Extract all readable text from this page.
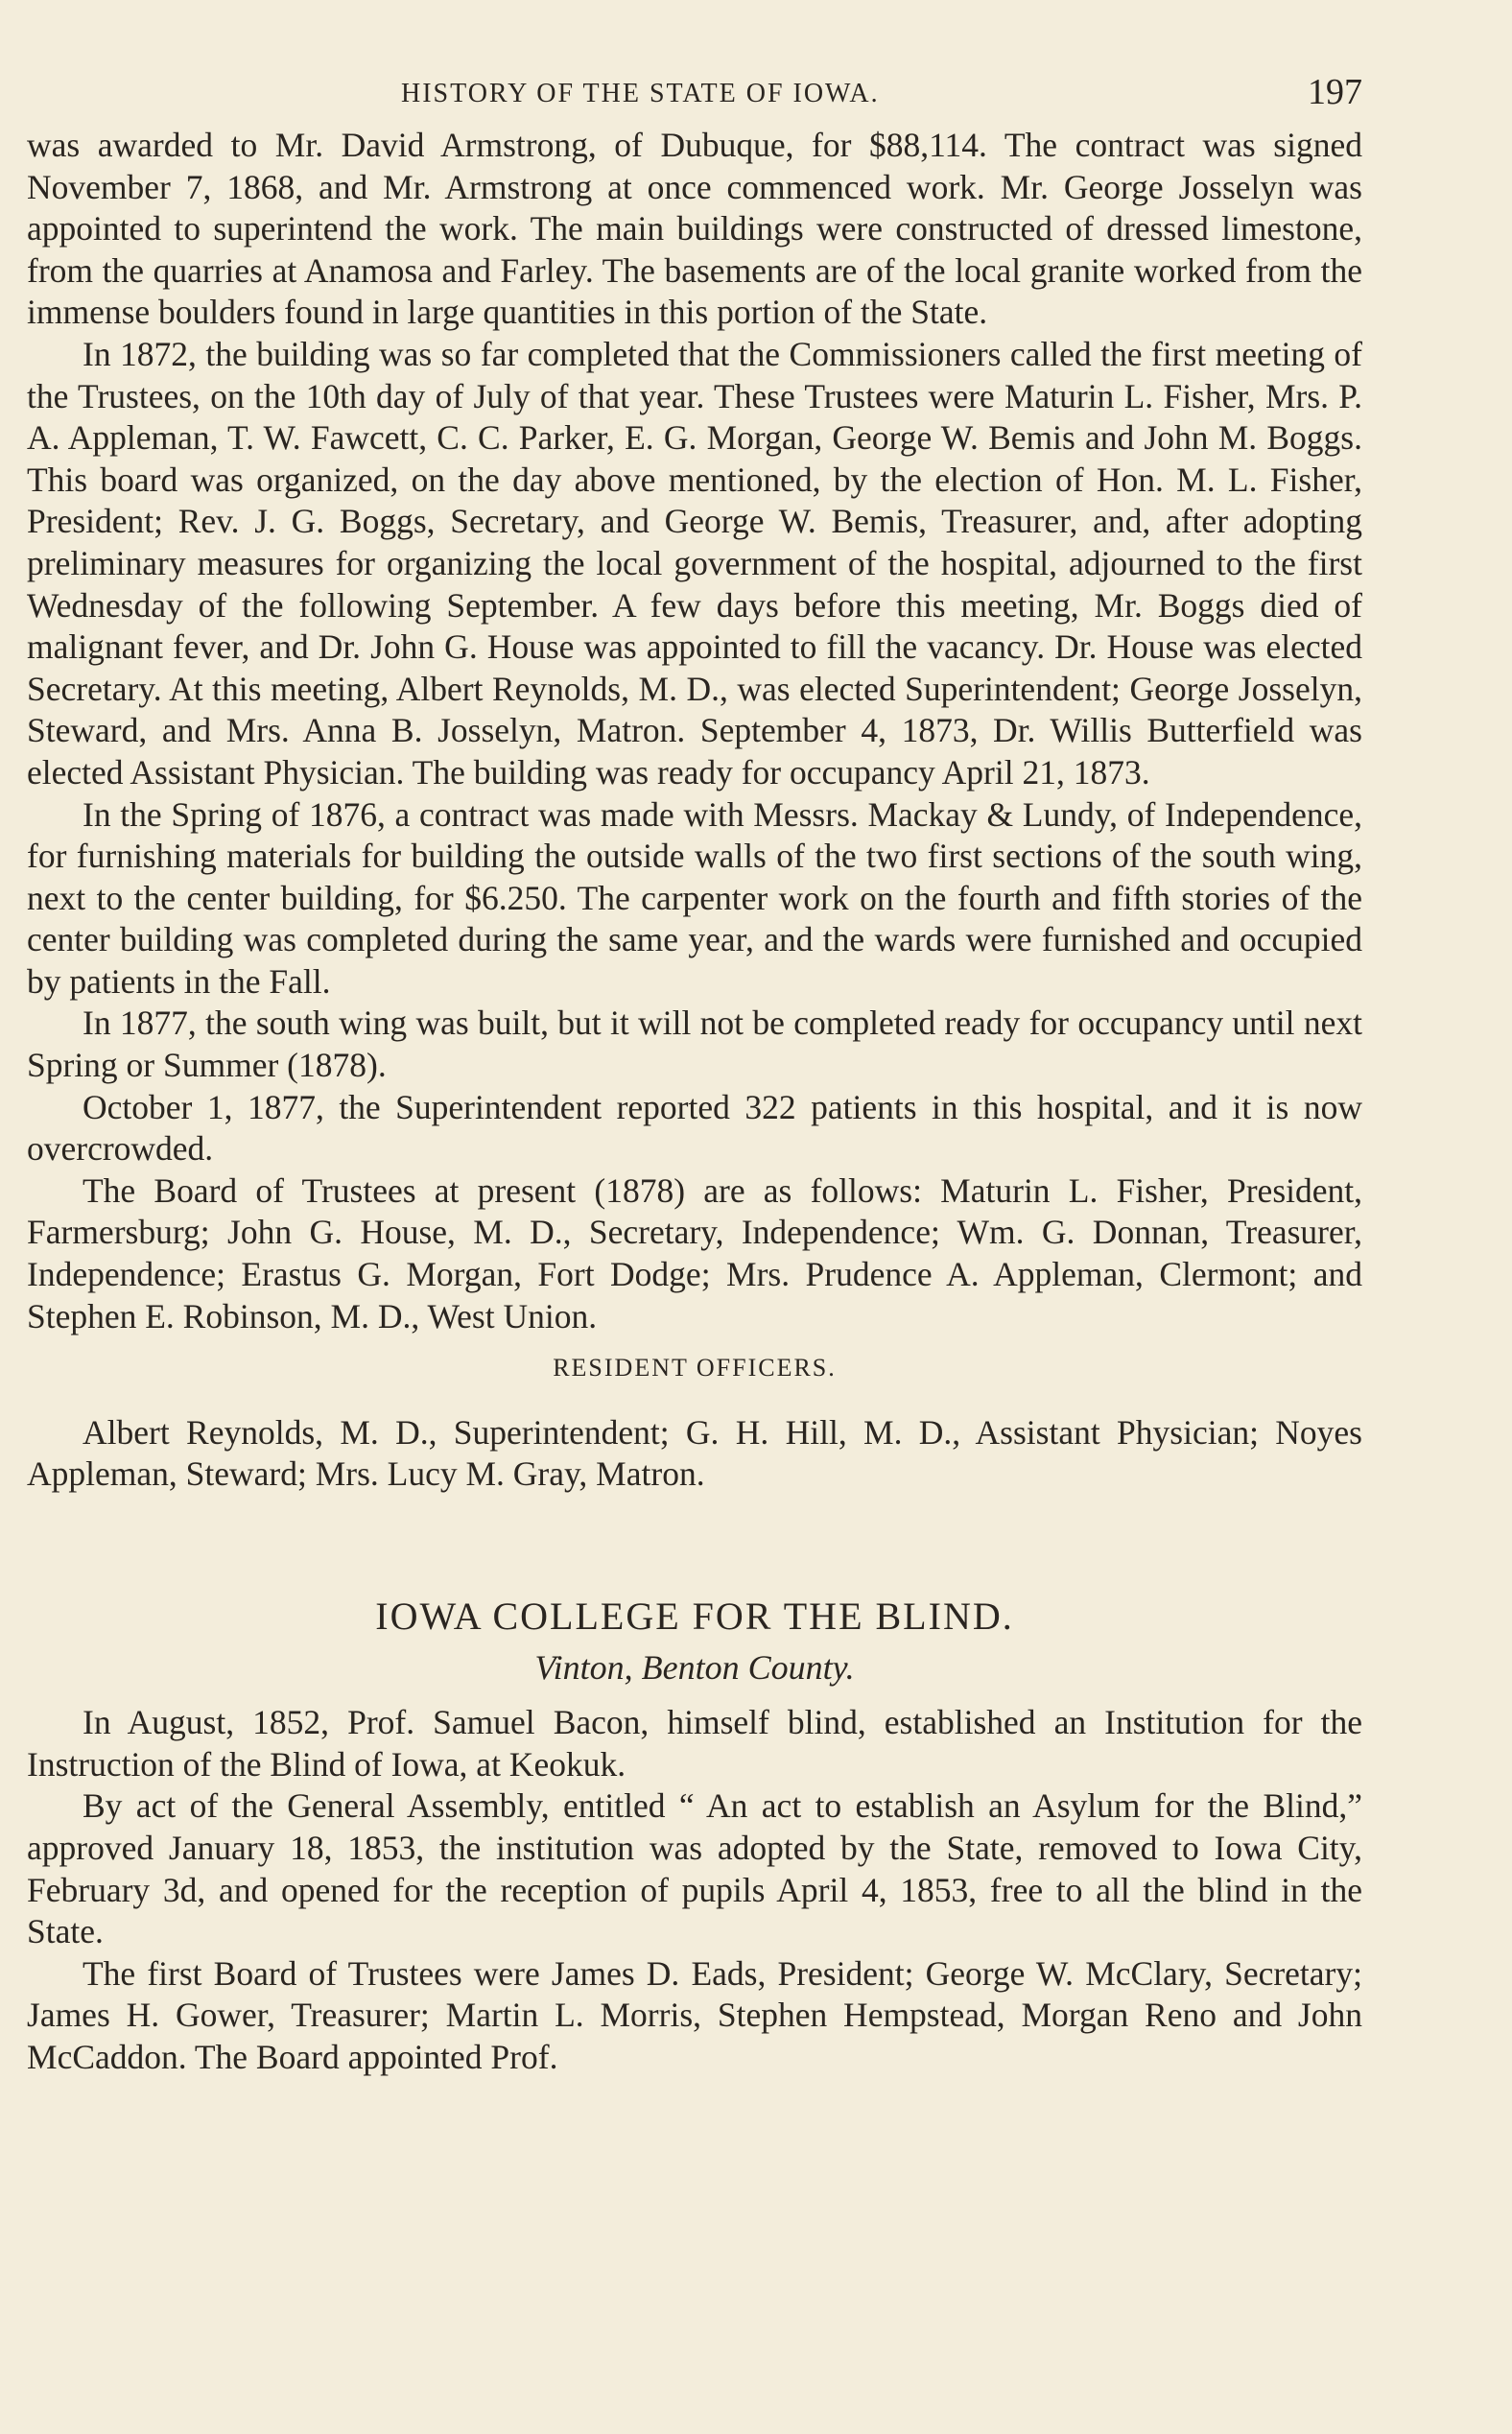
HISTORY OF THE STATE OF IOWA.	197

was awarded to Mr. David Armstrong, of Dubuque, for $88,114. The contract was signed November 7, 1868, and Mr. Armstrong at once commenced work. Mr. George Josselyn was appointed to superintend the work. The main buildings were constructed of dressed limestone, from the quarries at Anamosa and Farley. The basements are of the local granite worked from the immense boulders found in large quantities in this portion of the State.

In 1872, the building was so far completed that the Commissioners called the first meeting of the Trustees, on the 10th day of July of that year. These Trustees were Maturin L. Fisher, Mrs. P. A. Appleman, T. W. Fawcett, C. C. Parker, E. G. Morgan, George W. Bemis and John M. Boggs. This board was organized, on the day above mentioned, by the election of Hon. M. L. Fisher, President; Rev. J. G. Boggs, Secretary, and George W. Bemis, Treasurer, and, after adopting preliminary measures for organizing the local government of the hospital, adjourned to the first Wednesday of the following September. A few days before this meeting, Mr. Boggs died of malignant fever, and Dr. John G. House was appointed to fill the vacancy. Dr. House was elected Secretary. At this meeting, Albert Reynolds, M. D., was elected Superintendent; George Josselyn, Steward, and Mrs. Anna B. Josselyn, Matron. September 4, 1873, Dr. Willis Butterfield was elected Assistant Physician. The building was ready for occupancy April 21, 1873.

In the Spring of 1876, a contract was made with Messrs. Mackay & Lundy, of Independence, for furnishing materials for building the outside walls of the two first sections of the south wing, next to the center building, for $6.250. The carpenter work on the fourth and fifth stories of the center building was completed during the same year, and the wards were furnished and occupied by patients in the Fall.

In 1877, the south wing was built, but it will not be completed ready for occupancy until next Spring or Summer (1878).

October 1, 1877, the Superintendent reported 322 patients in this hospital, and it is now overcrowded.

The Board of Trustees at present (1878) are as follows: Maturin L. Fisher, President, Farmersburg; John G. House, M. D., Secretary, Independence; Wm. G. Donnan, Treasurer, Independence; Erastus G. Morgan, Fort Dodge; Mrs. Prudence A. Appleman, Clermont; and Stephen E. Robinson, M. D., West Union.

RESIDENT OFFICERS.

Albert Reynolds, M. D., Superintendent; G. H. Hill, M. D., Assistant Physician; Noyes Appleman, Steward; Mrs. Lucy M. Gray, Matron.

IOWA COLLEGE FOR THE BLIND.
Vinton, Benton County.

In August, 1852, Prof. Samuel Bacon, himself blind, established an Institution for the Instruction of the Blind of Iowa, at Keokuk.

By act of the General Assembly, entitled “ An act to establish an Asylum for the Blind,” approved January 18, 1853, the institution was adopted by the State, removed to Iowa City, February 3d, and opened for the reception of pupils April 4, 1853, free to all the blind in the State.

The first Board of Trustees were James D. Eads, President; George W. McClary, Secretary; James H. Gower, Treasurer; Martin L. Morris, Stephen Hempstead, Morgan Reno and John McCaddon. The Board appointed Prof.
